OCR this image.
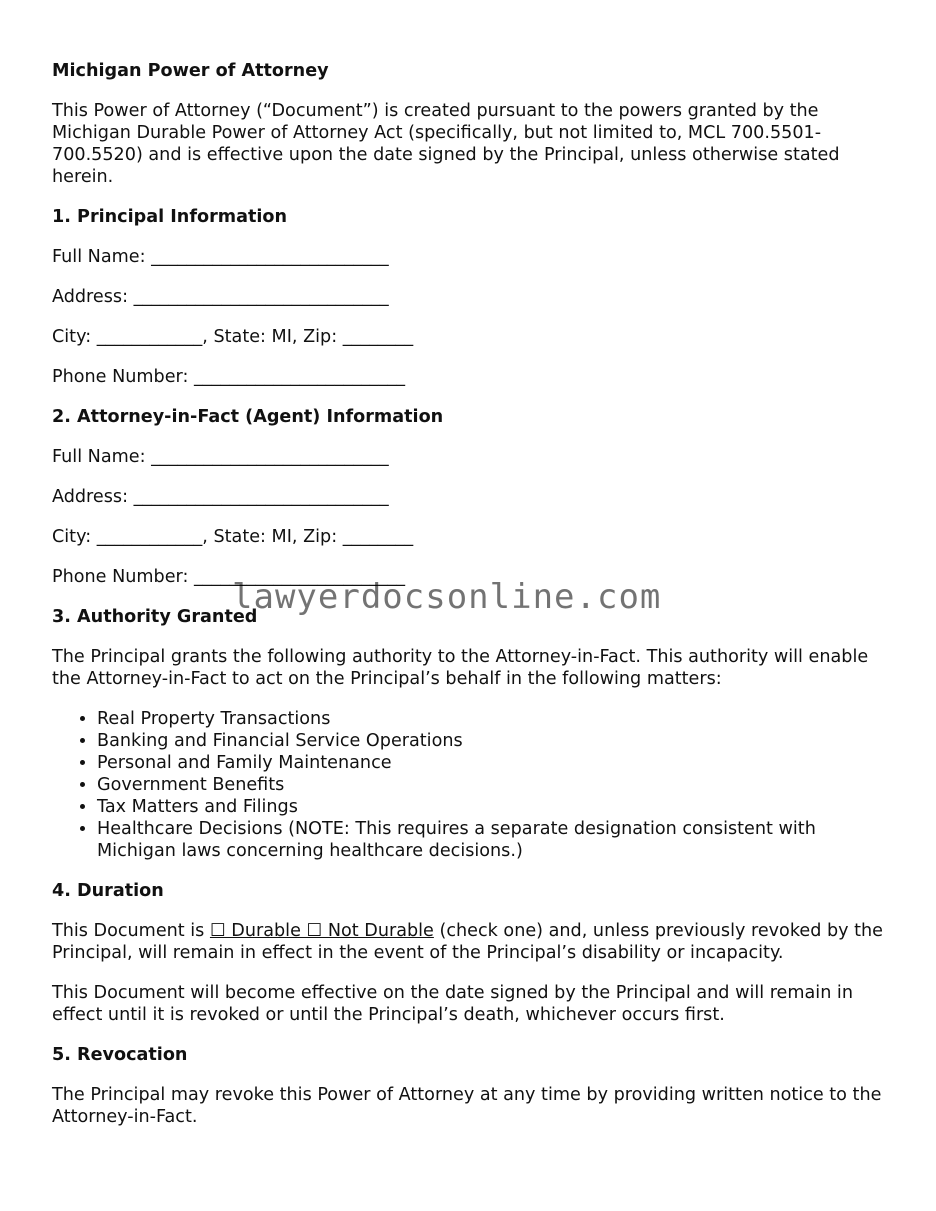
Michigan Power of Attorney

This Power of Attorney (“Document”) is created pursuant to the powers granted by the Michigan Durable Power of Attorney Act (specifically, but not limited to, MCL 700.5501-700.5520) and is effective upon the date signed by the Principal, unless otherwise stated herein.

1. Principal Information
Full Name: ___________________________
Address: _____________________________
City: ____________, State: MI, Zip: ________
Phone Number: ________________________
2. Attorney-in-Fact (Agent) Information
Full Name: ___________________________
Address: _____________________________
City: ____________, State: MI, Zip: ________
Phone Number: ________________________
3. Authority Granted

The Principal grants the following authority to the Attorney-in-Fact. This authority will enable the Attorney-in-Fact to act on the Principal’s behalf in the following matters:

• Real Property Transactions
• Banking and Financial Service Operations
• Personal and Family Maintenance
• Government Benefits
• Tax Matters and Filings
• Healthcare Decisions (NOTE: This requires a separate designation consistent with Michigan laws concerning healthcare decisions.)
4. Duration

This Document is ☐ Durable ☐ Not Durable (check one) and, unless previously revoked by the Principal, will remain in effect in the event of the Principal’s disability or incapacity.

This Document will become effective on the date signed by the Principal and will remain in effect until it is revoked or until the Principal’s death, whichever occurs first.

5. Revocation

The Principal may revoke this Power of Attorney at any time by providing written notice to the Attorney-in-Fact.

lawyerdocsonline.com
